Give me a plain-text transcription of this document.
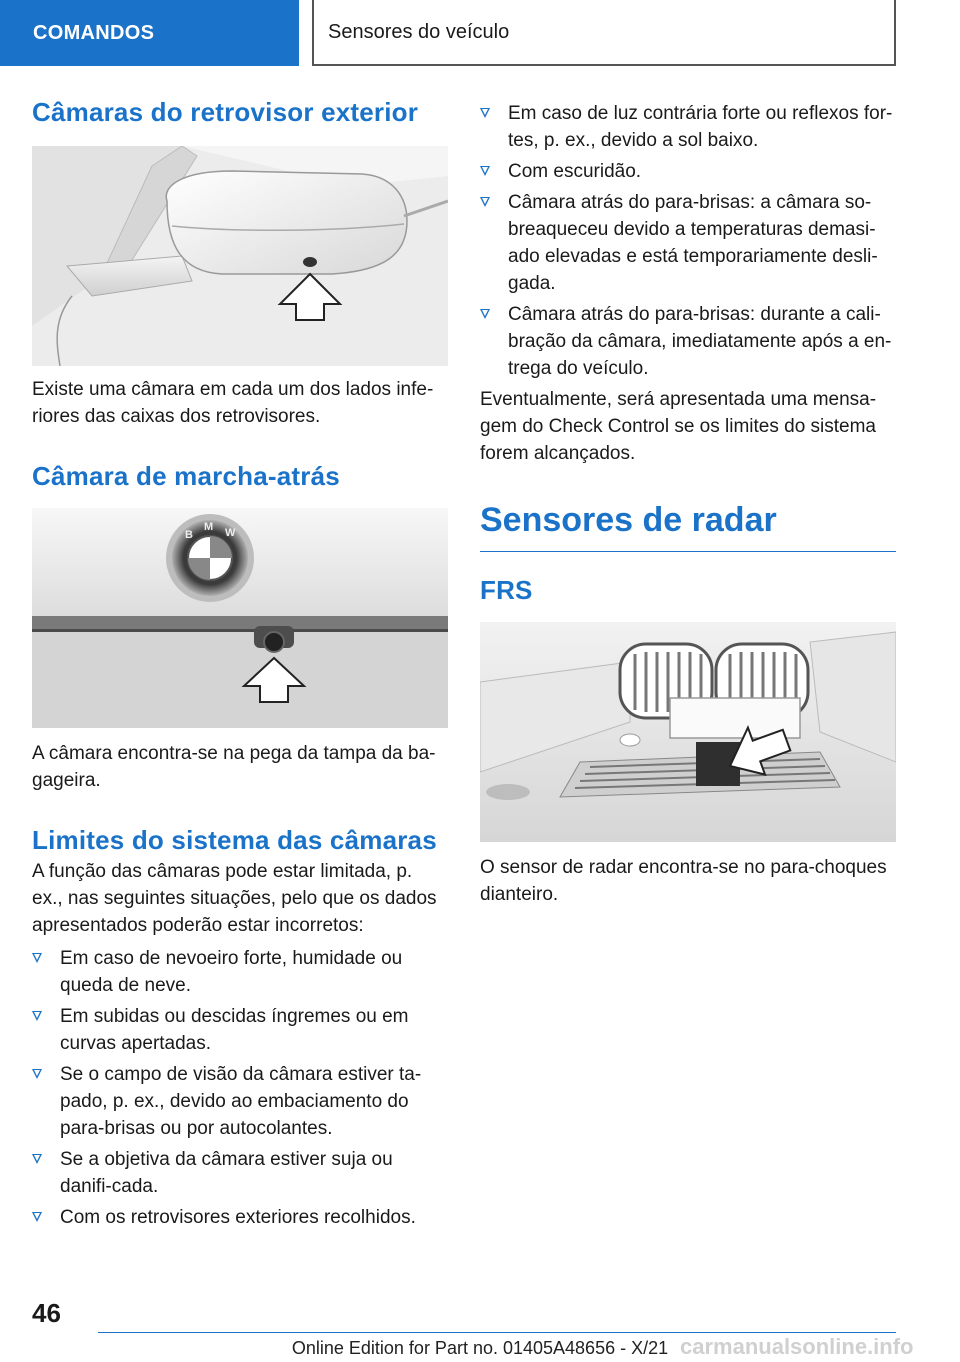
COMANDOS	Sensores do veículo
Câmaras do retrovisor exterior

Existe uma câmara em cada um dos lados infe-riores das caixas dos retrovisores.

Câmara de marcha-atrás
B
M W

A câmara encontra-se na pega da tampa da ba-gageira.

Limites do sistema das câmaras

A função das câmaras pode estar limitada, p. ex., nas seguintes situações, pelo que os dados apresentados poderão estar incorretos:

Em caso de nevoeiro forte, humidade ou queda de neve.
Em subidas ou descidas íngremes ou em curvas apertadas.
Se o campo de visão da câmara estiver ta-pado, p. ex., devido ao embaciamento do para-brisas ou por autocolantes.
Se a objetiva da câmara estiver suja ou danifi-cada.
Com os retrovisores exteriores recolhidos.
Em caso de luz contrária forte ou reflexos for-tes, p. ex., devido a sol baixo.
Com escuridão.
Câmara atrás do para-brisas: a câmara so-breaqueceu devido a temperaturas demasi-ado elevadas e está temporariamente desli-gada.
Câmara atrás do para-brisas: durante a cali-bração da câmara, imediatamente após a en-trega do veículo.

Eventualmente, será apresentada uma mensa-gem do Check Control se os limites do sistema forem alcançados.

Sensores de radar
FRS

O sensor de radar encontra-se no para-choques dianteiro.

46
Online Edition for Part no. 01405A48656 - X/21 carmanualsonline.info
